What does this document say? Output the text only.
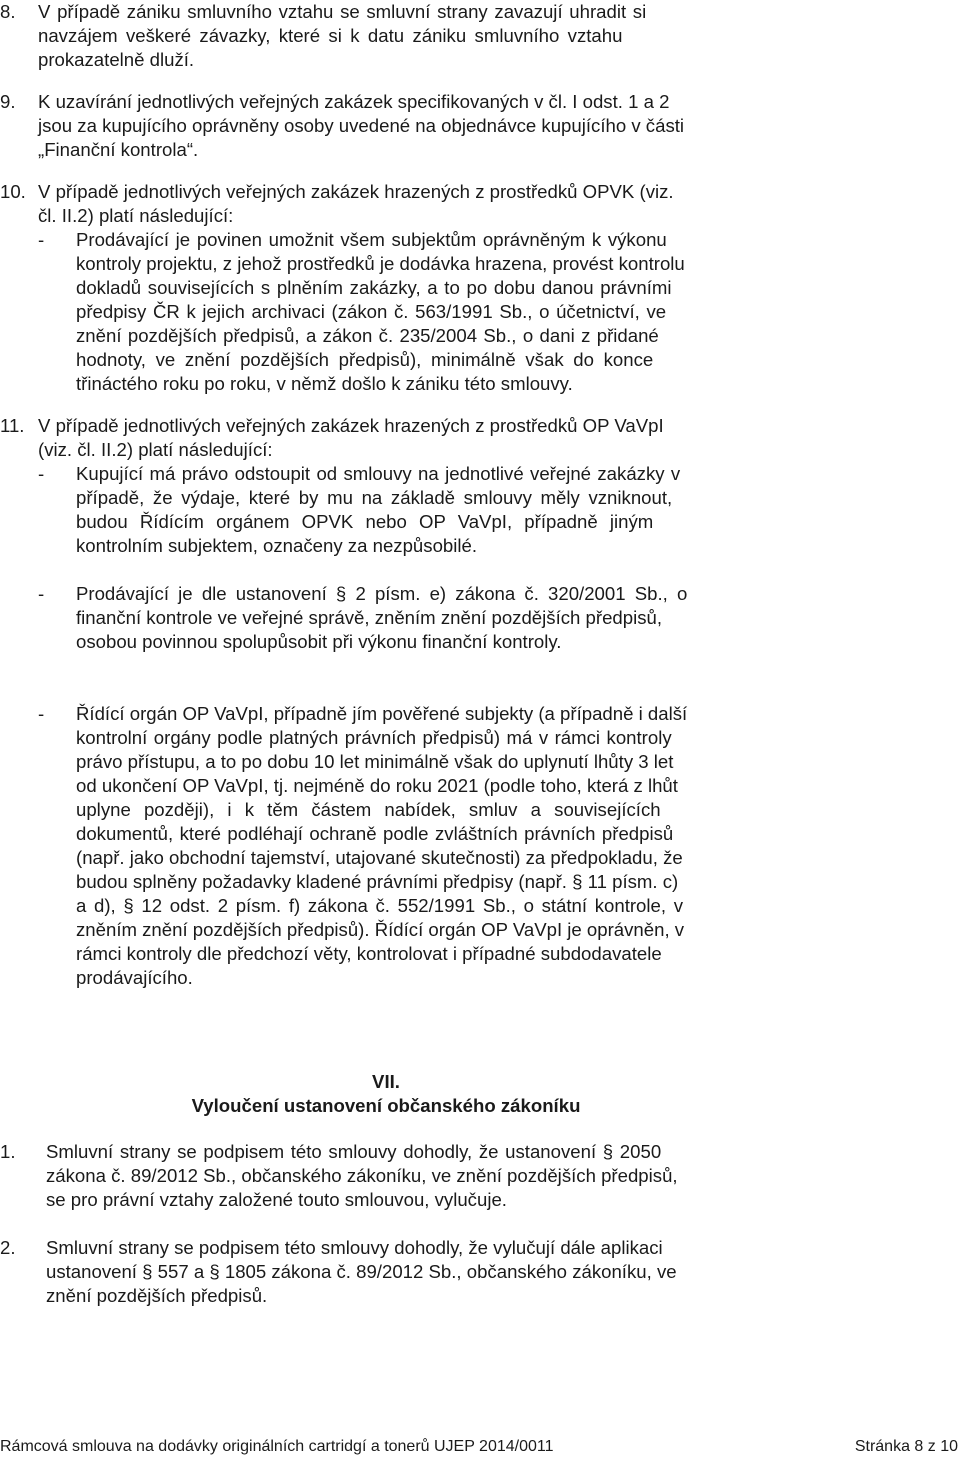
8. V případě zániku smluvního vztahu se smluvní strany zavazují uhradit si

navzájem veškeré závazky, které si k datu zániku smluvního vztahu

prokazatelně dluží.

9. K uzavírání jednotlivých veřejných zakázek specifikovaných v čl. I odst. 1 a 2

jsou za kupujícího oprávněny osoby uvedené na objednávce kupujícího v části

„Finanční kontrola“.

10. V případě jednotlivých veřejných zakázek hrazených z prostředků OPVK (viz.

čl. II.2) platí následující:

- Prodávající je povinen umožnit všem subjektům oprávněným k výkonu

kontroly projektu, z jehož prostředků je dodávka hrazena, provést kontrolu

dokladů souvisejících s plněním zakázky, a to po dobu danou právními

předpisy ČR k jejich archivaci (zákon č. 563/1991 Sb., o účetnictví, ve

znění pozdějších předpisů, a zákon č. 235/2004 Sb., o dani z přidané

hodnoty, ve znění pozdějších předpisů), minimálně však do konce

třináctého roku po roku, v němž došlo k zániku této smlouvy.

11. V případě jednotlivých veřejných zakázek hrazených z prostředků OP VaVpI

(viz. čl. II.2) platí následující:

- Kupující má právo odstoupit od smlouvy na jednotlivé veřejné zakázky v

případě, že výdaje, které by mu na základě smlouvy měly vzniknout,

budou Řídícím orgánem OPVK nebo OP VaVpI, případně jiným

kontrolním subjektem, označeny za nezpůsobilé.

- Prodávající je dle ustanovení § 2 písm. e) zákona č. 320/2001 Sb., o

finanční kontrole ve veřejné správě, zněním znění pozdějších předpisů,

osobou povinnou spolupůsobit při výkonu finanční kontroly.

- Řídící orgán OP VaVpI, případně jím pověřené subjekty (a případně i další

kontrolní orgány podle platných právních předpisů) má v rámci kontroly

právo přístupu, a to po dobu 10 let minimálně však do uplynutí lhůty 3 let

od ukončení OP VaVpI, tj. nejméně do roku 2021 (podle toho, která z lhůt

uplyne později), i k těm částem nabídek, smluv a souvisejících

dokumentů, které podléhají ochraně podle zvláštních právních předpisů

(např. jako obchodní tajemství, utajované skutečnosti) za předpokladu, že

budou splněny požadavky kladené právními předpisy (např. § 11 písm. c)

a d), § 12 odst. 2 písm. f) zákona č. 552/1991 Sb., o státní kontrole, v

zněním znění pozdějších předpisů). Řídící orgán OP VaVpI je oprávněn, v

rámci kontroly dle předchozí věty, kontrolovat i případné subdodavatele

prodávajícího.

VII.
Vyloučení ustanovení občanského zákoníku
1. Smluvní strany se podpisem této smlouvy dohodly, že ustanovení § 2050

zákona č. 89/2012 Sb., občanského zákoníku, ve znění pozdějších předpisů,

se pro právní vztahy založené touto smlouvou, vylučuje.

2. Smluvní strany se podpisem této smlouvy dohodly, že vylučují dále aplikaci

ustanovení § 557 a § 1805 zákona č. 89/2012 Sb., občanského zákoníku, ve

znění pozdějších předpisů.

Rámcová smlouva na dodávky originálních cartridgí a tonerů UJEP 2014/0011	Stránka 8 z 10
